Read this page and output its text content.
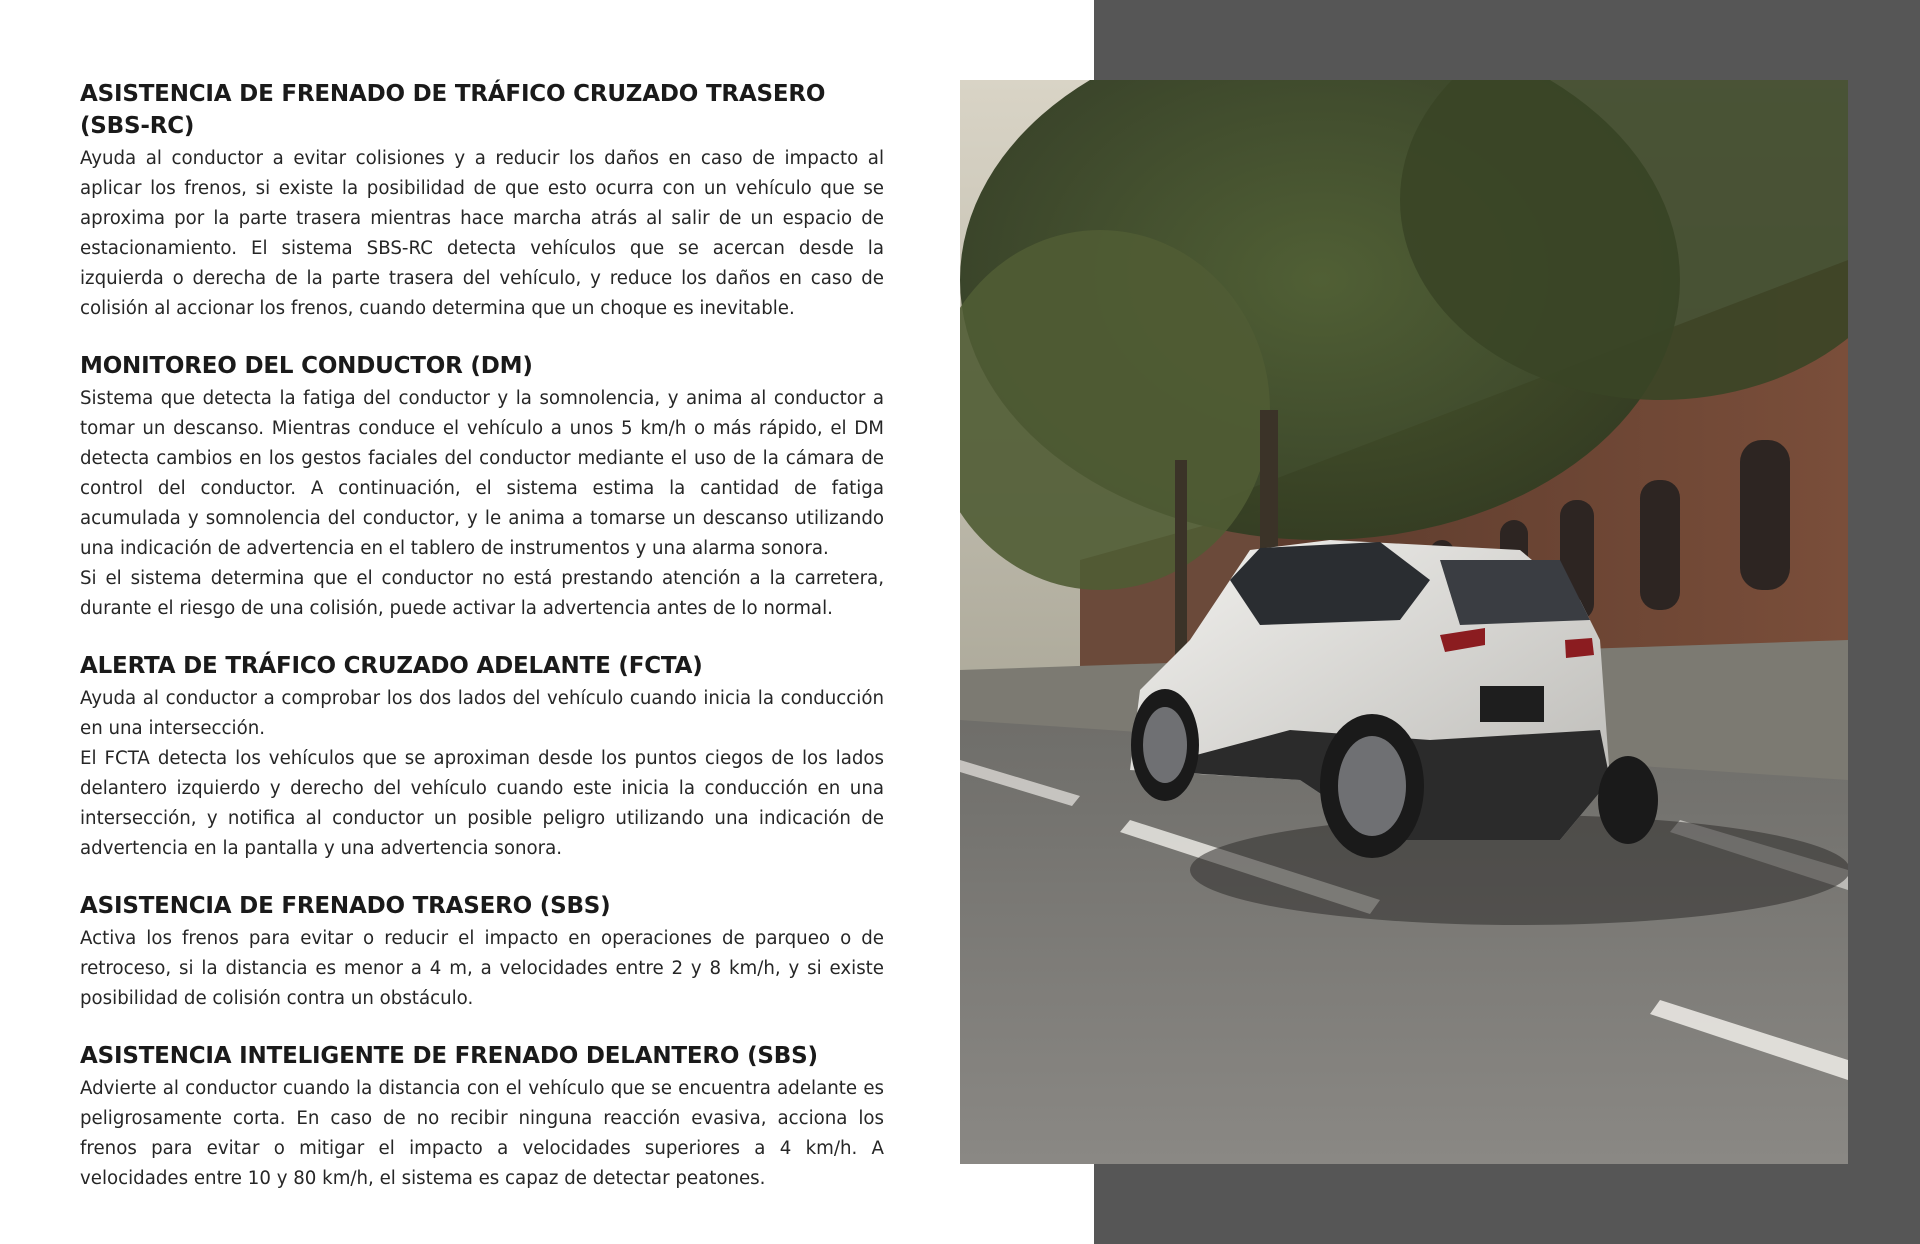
ASISTENCIA DE FRENADO DE TRÁFICO CRUZADO TRASERO (SBS-RC)

Ayuda al conductor a evitar colisiones y a reducir los daños en caso de impacto al aplicar los frenos, si existe la posibilidad de que esto ocurra con un vehículo que se aproxima por la parte trasera mientras hace marcha atrás al salir de un espacio de estacionamiento. El sistema SBS-RC detecta vehículos que se acercan desde la izquierda o derecha de la parte trasera del vehículo, y reduce los daños en caso de colisión al accionar los frenos, cuando determina que un choque es inevitable.

MONITOREO DEL CONDUCTOR (DM)

Sistema que detecta la fatiga del conductor y la somnolencia, y anima al conductor a tomar un descanso. Mientras conduce el vehículo a unos 5 km/h o más rápido, el DM detecta cambios en los gestos faciales del conductor mediante el uso de la cámara de control del conductor. A continuación, el sistema estima la cantidad de fatiga acumulada y somnolencia del conductor, y le anima a tomarse un descanso utilizando una indicación de advertencia en el tablero de instrumentos y una alarma sonora.

Si el sistema determina que el conductor no está prestando atención a la carretera, durante el riesgo de una colisión, puede activar la advertencia antes de lo normal.

ALERTA DE TRÁFICO CRUZADO ADELANTE (FCTA)

Ayuda al conductor a comprobar los dos lados del vehículo cuando inicia la conducción en una intersección.

El FCTA detecta los vehículos que se aproximan desde los puntos ciegos de los lados delantero izquierdo y derecho del vehículo cuando este inicia la conducción en una intersección, y notifica al conductor un posible peligro utilizando una indicación de advertencia en la pantalla y una advertencia sonora.

ASISTENCIA DE FRENADO TRASERO (SBS)

Activa los frenos para evitar o reducir el impacto en operaciones de parqueo o de retroceso, si la distancia es menor a 4 m, a velocidades entre 2 y 8 km/h, y si existe posibilidad de colisión contra un obstáculo.

ASISTENCIA INTELIGENTE DE FRENADO DELANTERO (SBS)

Advierte al conductor cuando la distancia con el vehículo que se encuentra adelante es peligrosamente corta. En caso de no recibir ninguna reacción evasiva, acciona los frenos para evitar o mitigar el impacto a velocidades superiores a 4 km/h. A velocidades entre 10 y 80 km/h, el sistema es capaz de detectar peatones.
